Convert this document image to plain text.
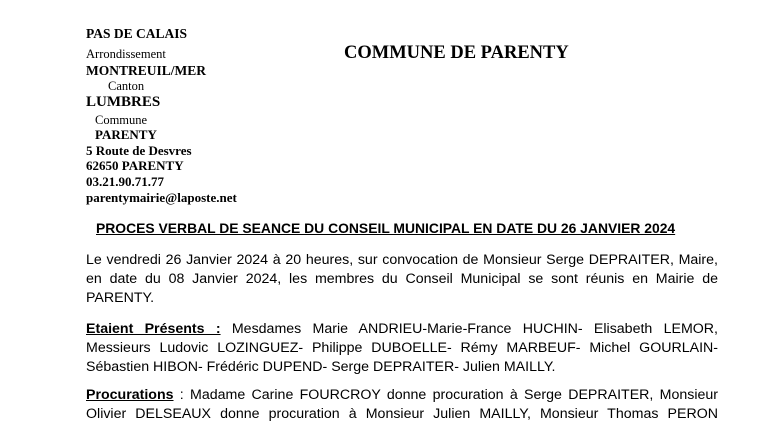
PAS DE CALAIS
Arrondissement
MONTREUIL/MER
Canton
LUMBRES
Commune
PARENTY
5 Route de Desvres
62650 PARENTY
03.21.90.71.77
parentymairie@laposte.net
COMMUNE DE PARENTY
PROCES VERBAL DE SEANCE DU CONSEIL MUNICIPAL EN DATE DU 26 JANVIER 2024
Le vendredi 26 Janvier 2024 à 20 heures, sur convocation de Monsieur Serge DEPRAITER, Maire,
en date du 08 Janvier 2024, les membres du Conseil Municipal se sont réunis en Mairie de
PARENTY.
Etaient Présents : Mesdames Marie ANDRIEU-Marie-France HUCHIN- Elisabeth LEMOR,
Messieurs Ludovic LOZINGUEZ- Philippe DUBOELLE- Rémy MARBEUF- Michel GOURLAIN-
Sébastien HIBON- Frédéric DUPEND- Serge DEPRAITER- Julien MAILLY.
Procurations : Madame Carine FOURCROY donne procuration à Serge DEPRAITER, Monsieur
Olivier DELSEAUX donne procuration à Monsieur Julien MAILLY, Monsieur Thomas PERON
